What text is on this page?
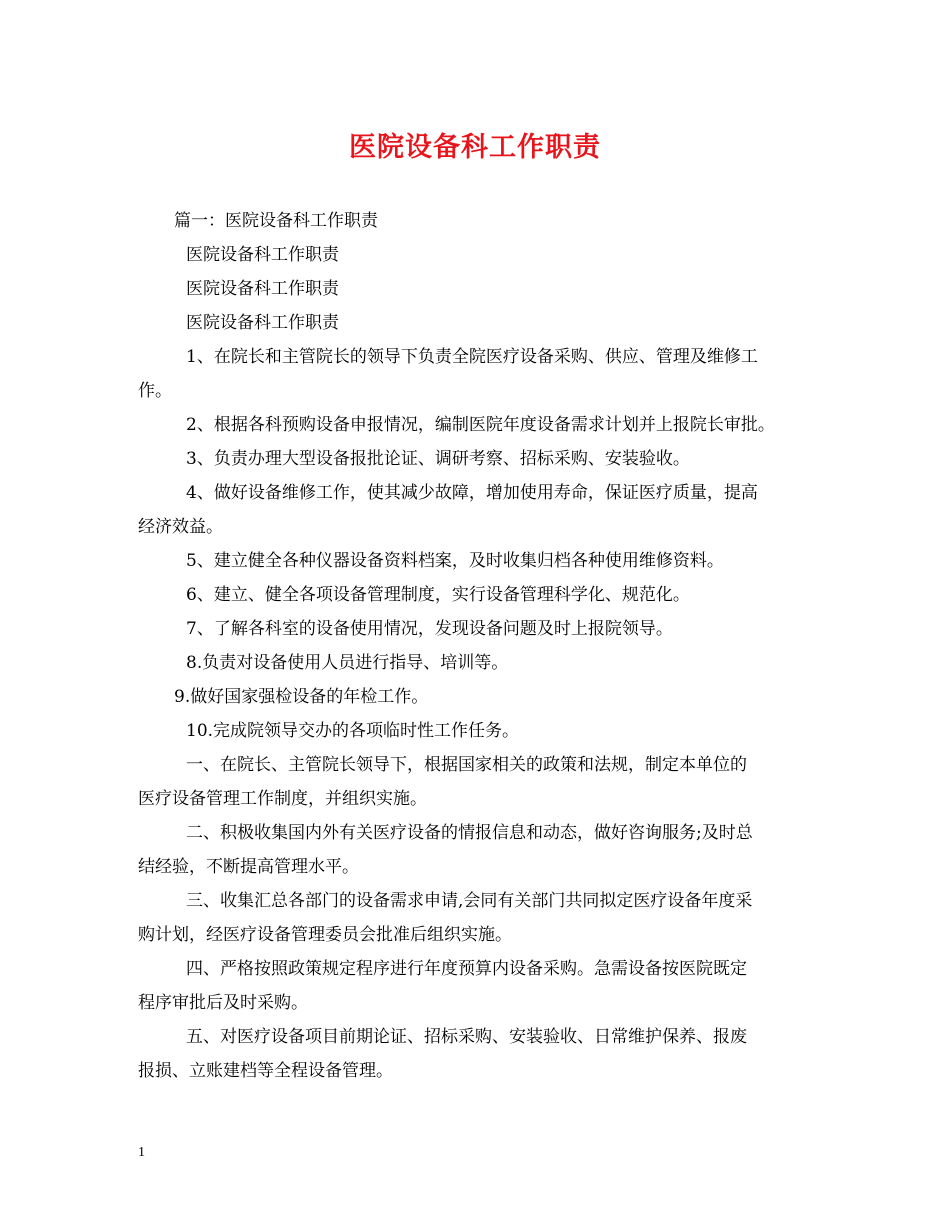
医院设备科工作职责

篇一：医院设备科工作职责

医院设备科工作职责

医院设备科工作职责

医院设备科工作职责

1、在院长和主管院长的领导下负责全院医疗设备采购、供应、管理及维修工

作。

2、根据各科预购设备申报情况，编制医院年度设备需求计划并上报院长审批。

3、负责办理大型设备报批论证、调研考察、招标采购、安装验收。

4、做好设备维修工作，使其减少故障，增加使用寿命，保证医疗质量，提高

经济效益。

5、建立健全各种仪器设备资料档案，及时收集归档各种使用维修资料。

6、建立、健全各项设备管理制度，实行设备管理科学化、规范化。

7、了解各科室的设备使用情况，发现设备问题及时上报院领导。

8.负责对设备使用人员进行指导、培训等。

9.做好国家强检设备的年检工作。

10.完成院领导交办的各项临时性工作任务。

一、在院长、主管院长领导下，根据国家相关的政策和法规，制定本单位的

医疗设备管理工作制度，并组织实施。

二、积极收集国内外有关医疗设备的情报信息和动态，做好咨询服务;及时总

结经验，不断提高管理水平。

三、收集汇总各部门的设备需求申请,会同有关部门共同拟定医疗设备年度采

购计划，经医疗设备管理委员会批准后组织实施。

四、严格按照政策规定程序进行年度预算内设备采购。急需设备按医院既定

程序审批后及时采购。

五、对医疗设备项目前期论证、招标采购、安装验收、日常维护保养、报废

报损、立账建档等全程设备管理。

1
